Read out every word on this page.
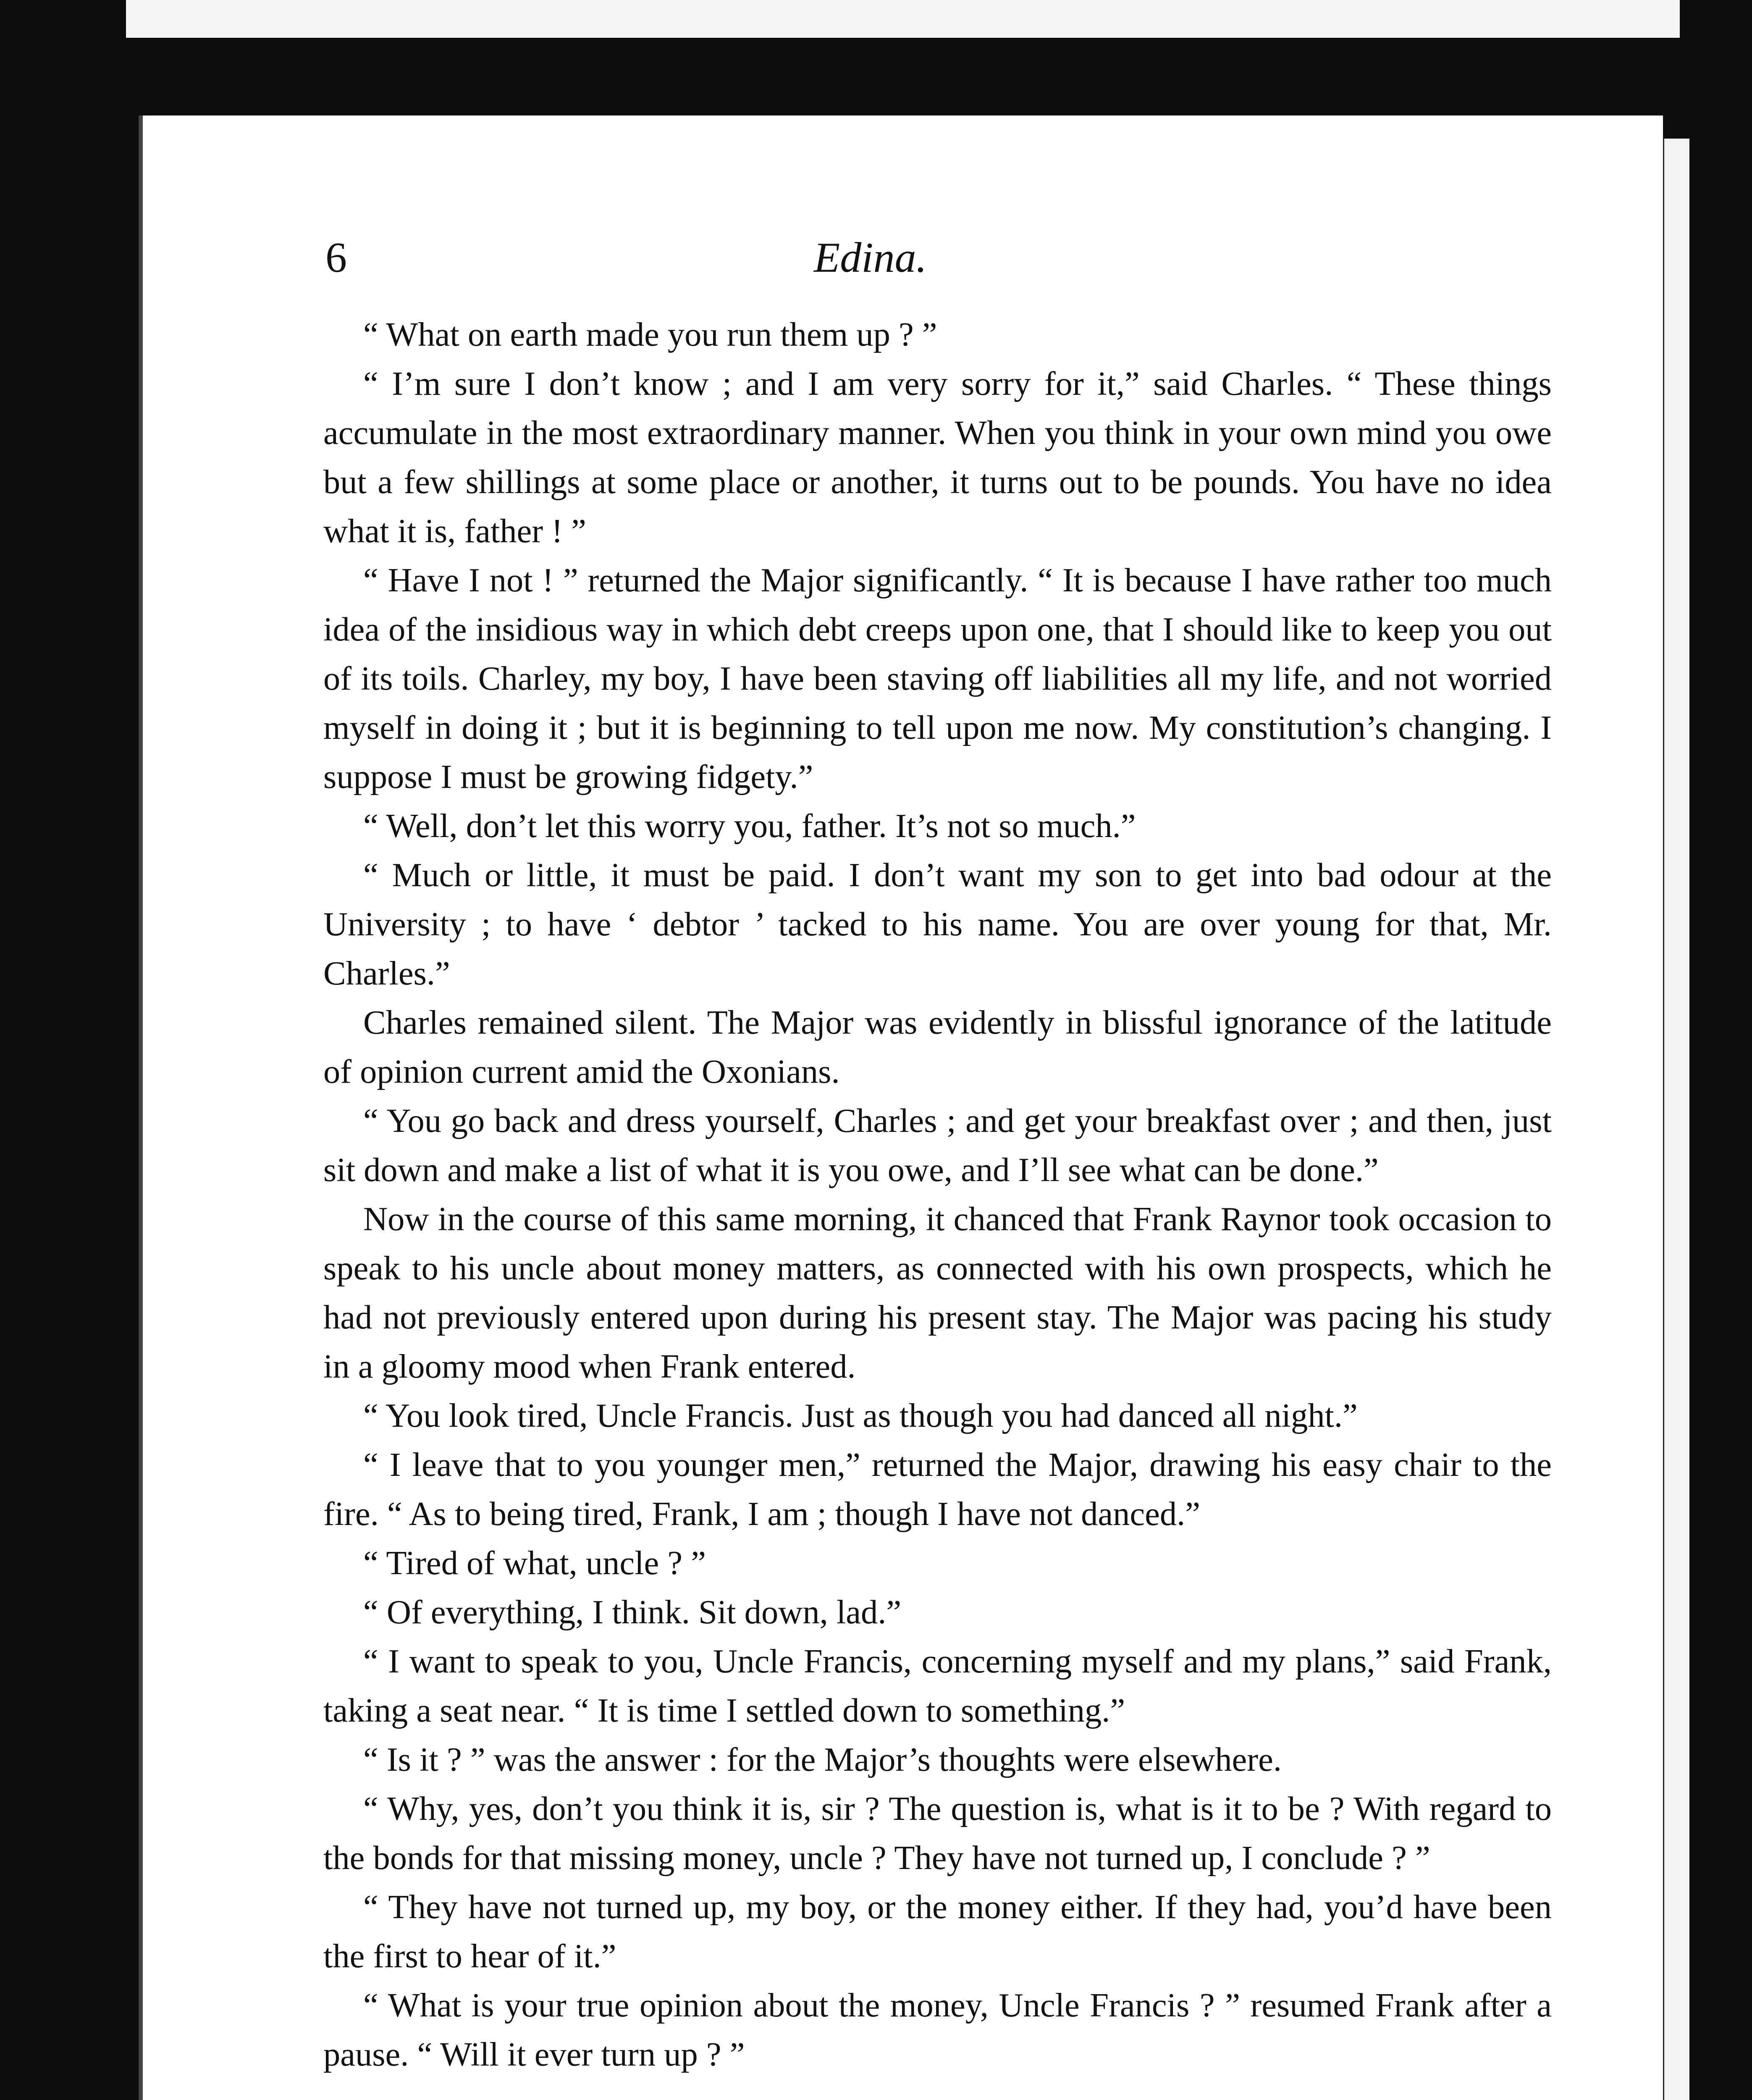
6	Edina.

“ What on earth made you run them up ? ”

“ I’m sure I don’t know ; and I am very sorry for it,” said Charles. “ These things accumulate in the most extraordinary manner. When you think in your own mind you owe but a few shillings at some place or another, it turns out to be pounds. You have no idea what it is, father ! ”

“ Have I not ! ” returned the Major significantly. “ It is because I have rather too much idea of the insidious way in which debt creeps upon one, that I should like to keep you out of its toils. Charley, my boy, I have been staving off liabilities all my life, and not worried myself in doing it ; but it is beginning to tell upon me now. My constitution’s changing. I suppose I must be growing fidgety.”

“ Well, don’t let this worry you, father. It’s not so much.”

“ Much or little, it must be paid. I don’t want my son to get into bad odour at the University ; to have ‘ debtor ’ tacked to his name. You are over young for that, Mr. Charles.”

Charles remained silent. The Major was evidently in blissful ignorance of the latitude of opinion current amid the Oxonians.

“ You go back and dress yourself, Charles ; and get your breakfast over ; and then, just sit down and make a list of what it is you owe, and I’ll see what can be done.”

Now in the course of this same morning, it chanced that Frank Raynor took occasion to speak to his uncle about money matters, as connected with his own prospects, which he had not previously entered upon during his present stay. The Major was pacing his study in a gloomy mood when Frank entered.

“ You look tired, Uncle Francis. Just as though you had danced all night.”

“ I leave that to you younger men,” returned the Major, drawing his easy chair to the fire. “ As to being tired, Frank, I am ; though I have not danced.”

“ Tired of what, uncle ? ”

“ Of everything, I think. Sit down, lad.”

“ I want to speak to you, Uncle Francis, concerning myself and my plans,” said Frank, taking a seat near. “ It is time I settled down to something.”

“ Is it ? ” was the answer : for the Major’s thoughts were elsewhere.

“ Why, yes, don’t you think it is, sir ? The question is, what is it to be ? With regard to the bonds for that missing money, uncle ? They have not turned up, I conclude ? ”

“ They have not turned up, my boy, or the money either. If they had, you’d have been the first to hear of it.”

“ What is your true opinion about the money, Uncle Francis ? ” resumed Frank after a pause. “ Will it ever turn up ? ”
